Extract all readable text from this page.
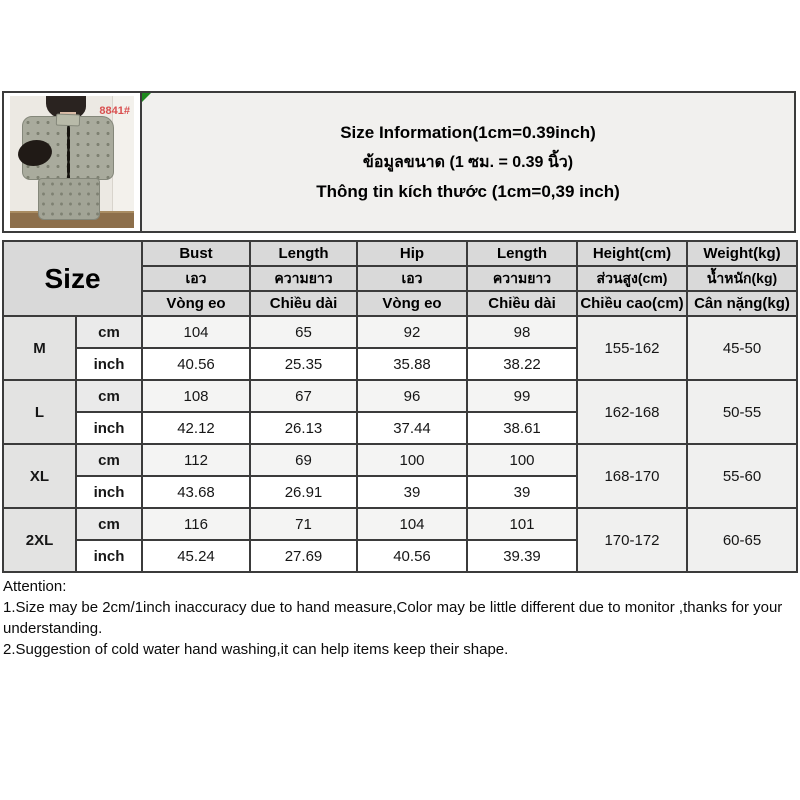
8841#
Size Information(1cm=0.39inch)
ข้อมูลขนาด (1 ซม. = 0.39 นิ้ว)
Thông tin kích thước (1cm=0,39 inch)
Size		Bust	Length	Hip	Length	Height(cm)	Weight(kg)
		เอว	ความยาว	เอว	ความยาว	ส่วนสูง(cm)	น้ำหนัก(kg)
		Vòng eo	Chiều dài	Vòng eo	Chiều dài	Chiều cao(cm)	Cân nặng(kg)
M	cm	104	65	92	98	155-162	45-50
	inch	40.56	25.35	35.88	38.22		
L	cm	108	67	96	99	162-168	50-55
	inch	42.12	26.13	37.44	38.61		
XL	cm	112	69	100	100	168-170	55-60
	inch	43.68	26.91	39	39		
2XL	cm	116	71	104	101	170-172	60-65
	inch	45.24	27.69	40.56	39.39		
Attention:
1.Size may be 2cm/1inch inaccuracy due to hand measure,Color may be little different due to monitor ,thanks for your understanding.
2.Suggestion of cold water hand washing,it can help items keep their shape.
